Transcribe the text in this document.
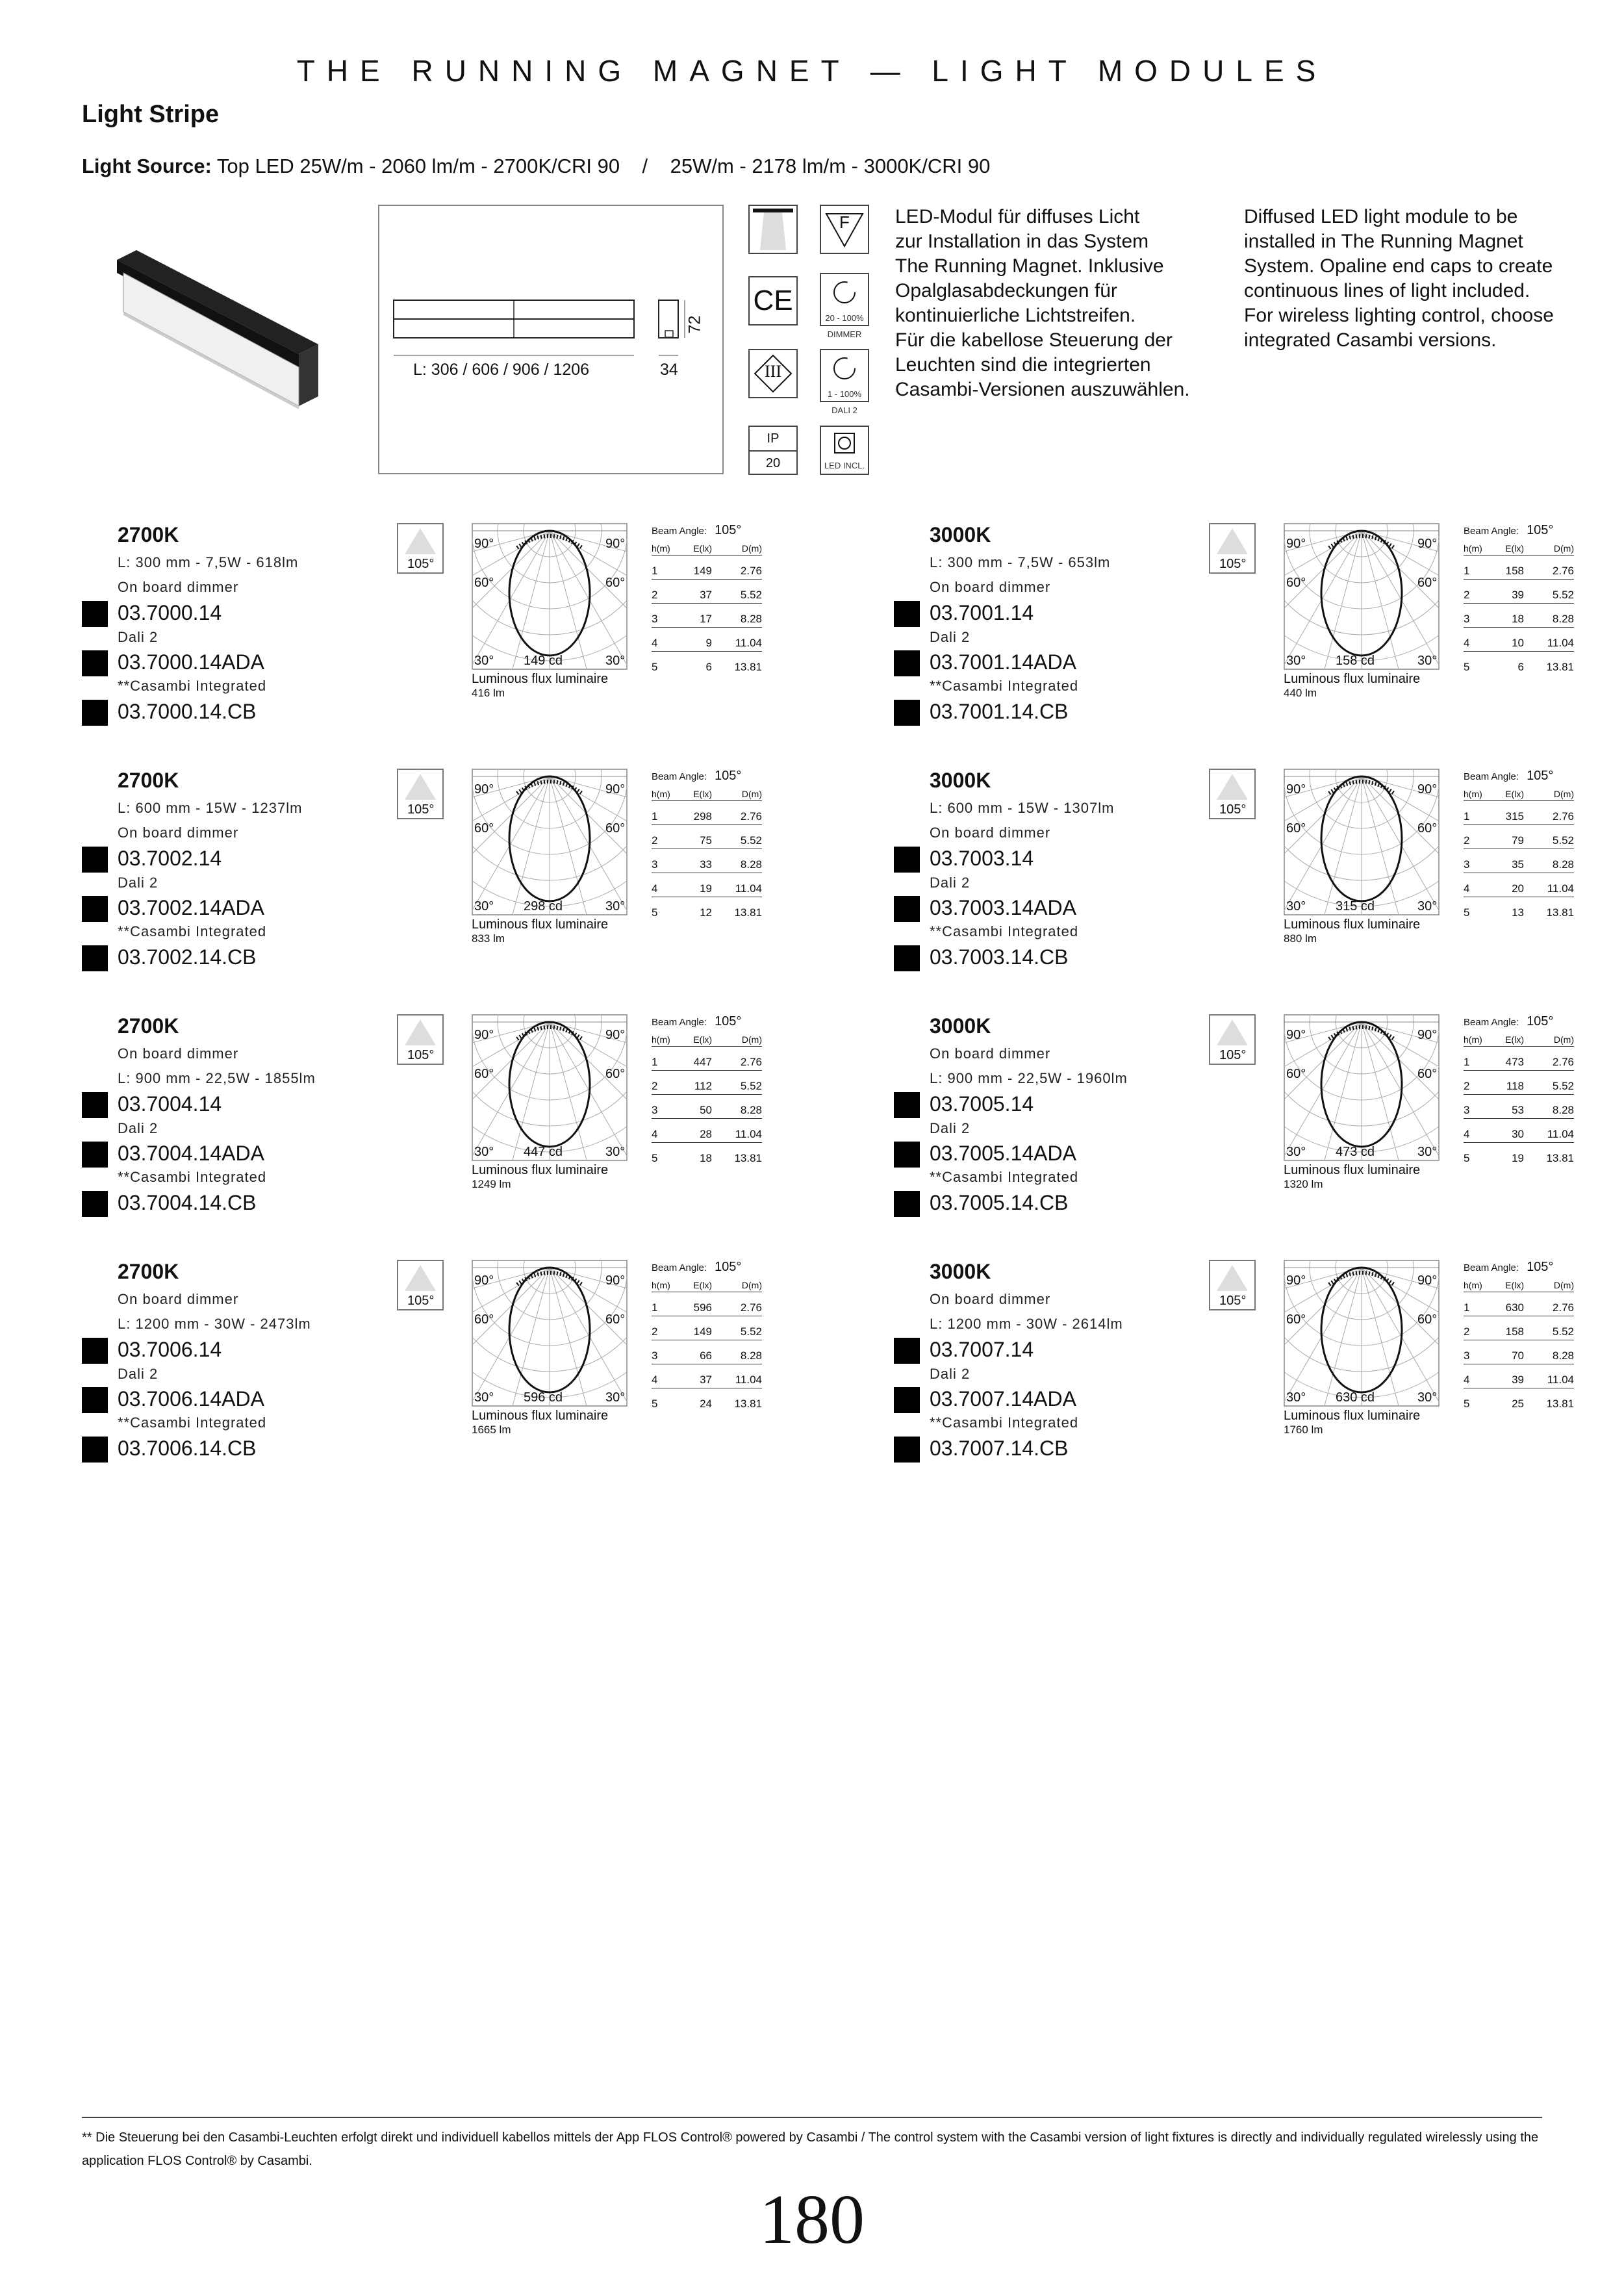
THE RUNNING MAGNET — LIGHT MODULES
Light Stripe
Light Source: Top LED 25W/m - 2060 lm/m - 2700K/CRI 90    /    25W/m - 2178 lm/m - 3000K/CRI 90
L: 306 / 606 / 906 / 1206	34
72
CE
III
IP
20
F
20 - 100%
DIMMER
1 - 100%
DALI 2
LED INCL.
LED-Modul für diffuses Licht
zur Installation in das System
The Running Magnet. Inklusive
Opalglasabdeckungen für
kontinuierliche Lichtstreifen.
Für die kabellose Steuerung der
Leuchten sind die integrierten
Casambi-Versionen auszuwählen.
Diffused LED light module to be
installed in The Running Magnet
System. Opaline end caps to create
continuous lines of light included.
For wireless lighting control, choose
integrated Casambi versions.
2700K
L: 300 mm - 7,5W - 618lm
On board dimmer
03.7000.14
Dali 2
03.7000.14ADA
**Casambi Integrated
03.7000.14.CB
105°
90°	90°
60°	60°
30°	30°
149 cd
Luminous flux luminaire
416 lm
Beam Angle: 105°
h(m)	E(lx)	D(m)
1	149	2.76
2	37	5.52
3	17	8.28
4	9	11.04
5	6	13.81
3000K
L: 300 mm - 7,5W - 653lm
On board dimmer
03.7001.14
Dali 2
03.7001.14ADA
**Casambi Integrated
03.7001.14.CB
105°
90°	90°
60°	60°
30°	30°
158 cd
Luminous flux luminaire
440 lm
Beam Angle: 105°
h(m)	E(lx)	D(m)
1	158	2.76
2	39	5.52
3	18	8.28
4	10	11.04
5	6	13.81
2700K
L: 600 mm - 15W - 1237lm
On board dimmer
03.7002.14
Dali 2
03.7002.14ADA
**Casambi Integrated
03.7002.14.CB
105°
90°	90°
60°	60°
30°	30°
298 cd
Luminous flux luminaire
833 lm
Beam Angle: 105°
h(m)	E(lx)	D(m)
1	298	2.76
2	75	5.52
3	33	8.28
4	19	11.04
5	12	13.81
3000K
L: 600 mm - 15W - 1307lm
On board dimmer
03.7003.14
Dali 2
03.7003.14ADA
**Casambi Integrated
03.7003.14.CB
105°
90°	90°
60°	60°
30°	30°
315 cd
Luminous flux luminaire
880 lm
Beam Angle: 105°
h(m)	E(lx)	D(m)
1	315	2.76
2	79	5.52
3	35	8.28
4	20	11.04
5	13	13.81
2700K
On board dimmer
L: 900 mm - 22,5W - 1855lm
03.7004.14
Dali 2
03.7004.14ADA
**Casambi Integrated
03.7004.14.CB
105°
90°	90°
60°	60°
30°	30°
447 cd
Luminous flux luminaire
1249 lm
Beam Angle: 105°
h(m)	E(lx)	D(m)
1	447	2.76
2	112	5.52
3	50	8.28
4	28	11.04
5	18	13.81
3000K
On board dimmer
L: 900 mm - 22,5W - 1960lm
03.7005.14
Dali 2
03.7005.14ADA
**Casambi Integrated
03.7005.14.CB
105°
90°	90°
60°	60°
30°	30°
473 cd
Luminous flux luminaire
1320 lm
Beam Angle: 105°
h(m)	E(lx)	D(m)
1	473	2.76
2	118	5.52
3	53	8.28
4	30	11.04
5	19	13.81
2700K
On board dimmer
L: 1200 mm - 30W - 2473lm
03.7006.14
Dali 2
03.7006.14ADA
**Casambi Integrated
03.7006.14.CB
105°
90°	90°
60°	60°
30°	30°
596 cd
Luminous flux luminaire
1665 lm
Beam Angle: 105°
h(m)	E(lx)	D(m)
1	596	2.76
2	149	5.52
3	66	8.28
4	37	11.04
5	24	13.81
3000K
On board dimmer
L: 1200 mm - 30W - 2614lm
03.7007.14
Dali 2
03.7007.14ADA
**Casambi Integrated
03.7007.14.CB
105°
90°	90°
60°	60°
30°	30°
630 cd
Luminous flux luminaire
1760 lm
Beam Angle: 105°
h(m)	E(lx)	D(m)
1	630	2.76
2	158	5.52
3	70	8.28
4	39	11.04
5	25	13.81
** Die Steuerung bei den Casambi-Leuchten erfolgt direkt und individuell kabellos mittels der App FLOS Control® powered by Casambi / The control system with the Casambi version of light fixtures is directly and individually regulated wirelessly using the application FLOS Control® by Casambi.
180
